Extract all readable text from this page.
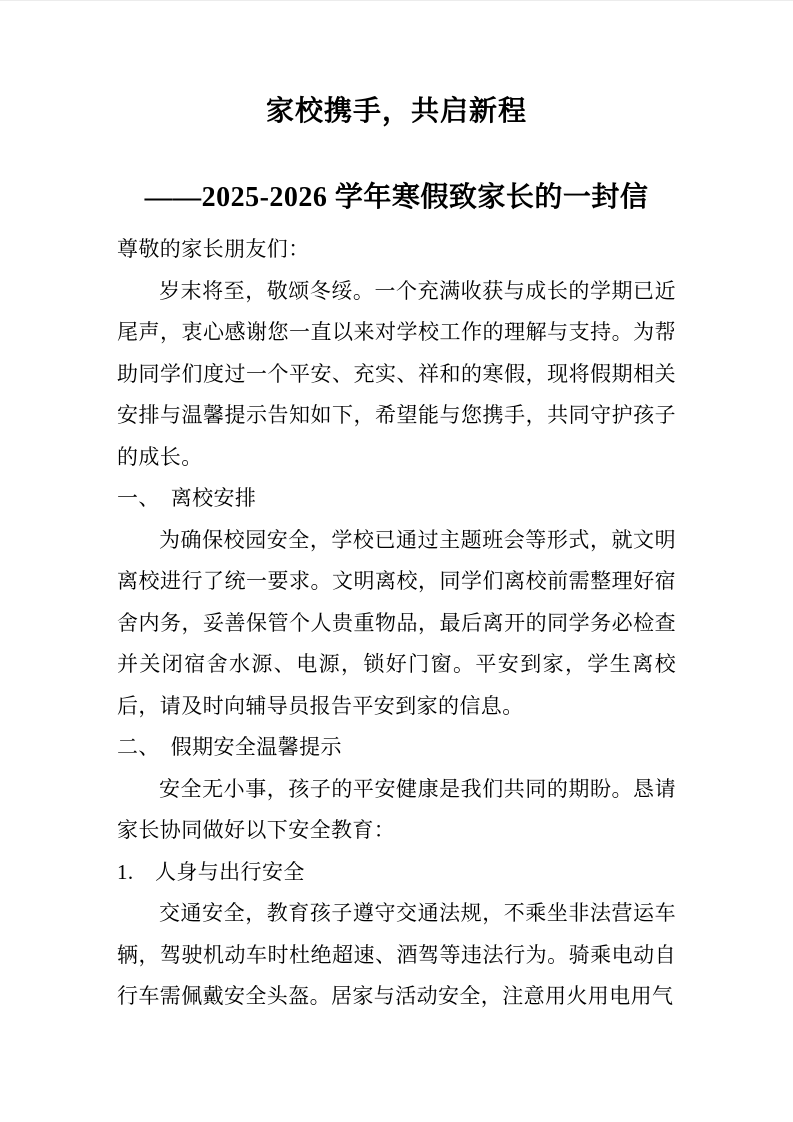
家校携手，共启新程
——2025-2026 学年寒假致家长的一封信

尊敬的家长朋友们：

岁末将至，敬颂冬绥。一个充满收获与成长的学期已近尾声，衷心感谢您一直以来对学校工作的理解与支持。为帮助同学们度过一个平安、充实、祥和的寒假，现将假期相关安排与温馨提示告知如下，希望能与您携手，共同守护孩子的成长。

一、　离校安排

为确保校园安全，学校已通过主题班会等形式，就文明离校进行了统一要求。文明离校，同学们离校前需整理好宿舍内务，妥善保管个人贵重物品，最后离开的同学务必检查并关闭宿舍水源、电源，锁好门窗。平安到家，学生离校后，请及时向辅导员报告平安到家的信息。

二、　假期安全温馨提示

安全无小事，孩子的平安健康是我们共同的期盼。恳请家长协同做好以下安全教育：

1.　人身与出行安全

交通安全，教育孩子遵守交通法规，不乘坐非法营运车辆，驾驶机动车时杜绝超速、酒驾等违法行为。骑乘电动自行车需佩戴安全头盔。居家与活动安全，注意用火用电用气
